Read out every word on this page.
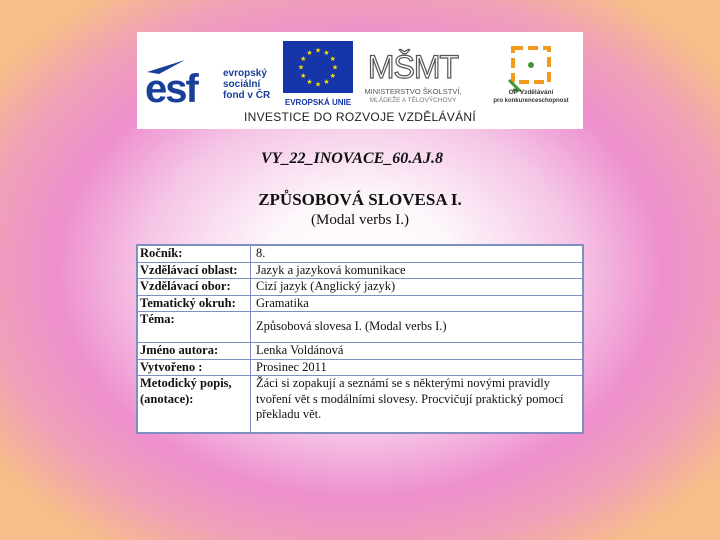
esf	evropský
sociální
fond v ČR
★ ★
★
★
★
★
★
★
★
★
★
★
EVROPSKÁ UNIE
MŠMT
MINISTERSTVO ŠKOLSTVÍ,
MLÁDEŽE A TĚLOVÝCHOVY
OP Vzdělávání
pro konkurenceschopnost
INVESTICE DO ROZVOJE VZDĚLÁVÁNÍ
VY_22_INOVACE_60.AJ.8
ZPŮSOBOVÁ SLOVESA I.
(Modal verbs I.)
Ročník:	8.
Vzdělávací oblast:	Jazyk a jazyková komunikace
Vzdělávací obor:	Cizí jazyk (Anglický jazyk)
Tematický okruh:	Gramatika
Téma:	Způsobová slovesa I. (Modal verbs I.)
Jméno autora:	Lenka Voldánová
Vytvořeno :	Prosinec 2011
Metodický popis, (anotace):	Žáci si zopakují a seznámí se s některými novými pravidly tvoření vět s modálními slovesy. Procvičují praktický pomocí překladu vět.
